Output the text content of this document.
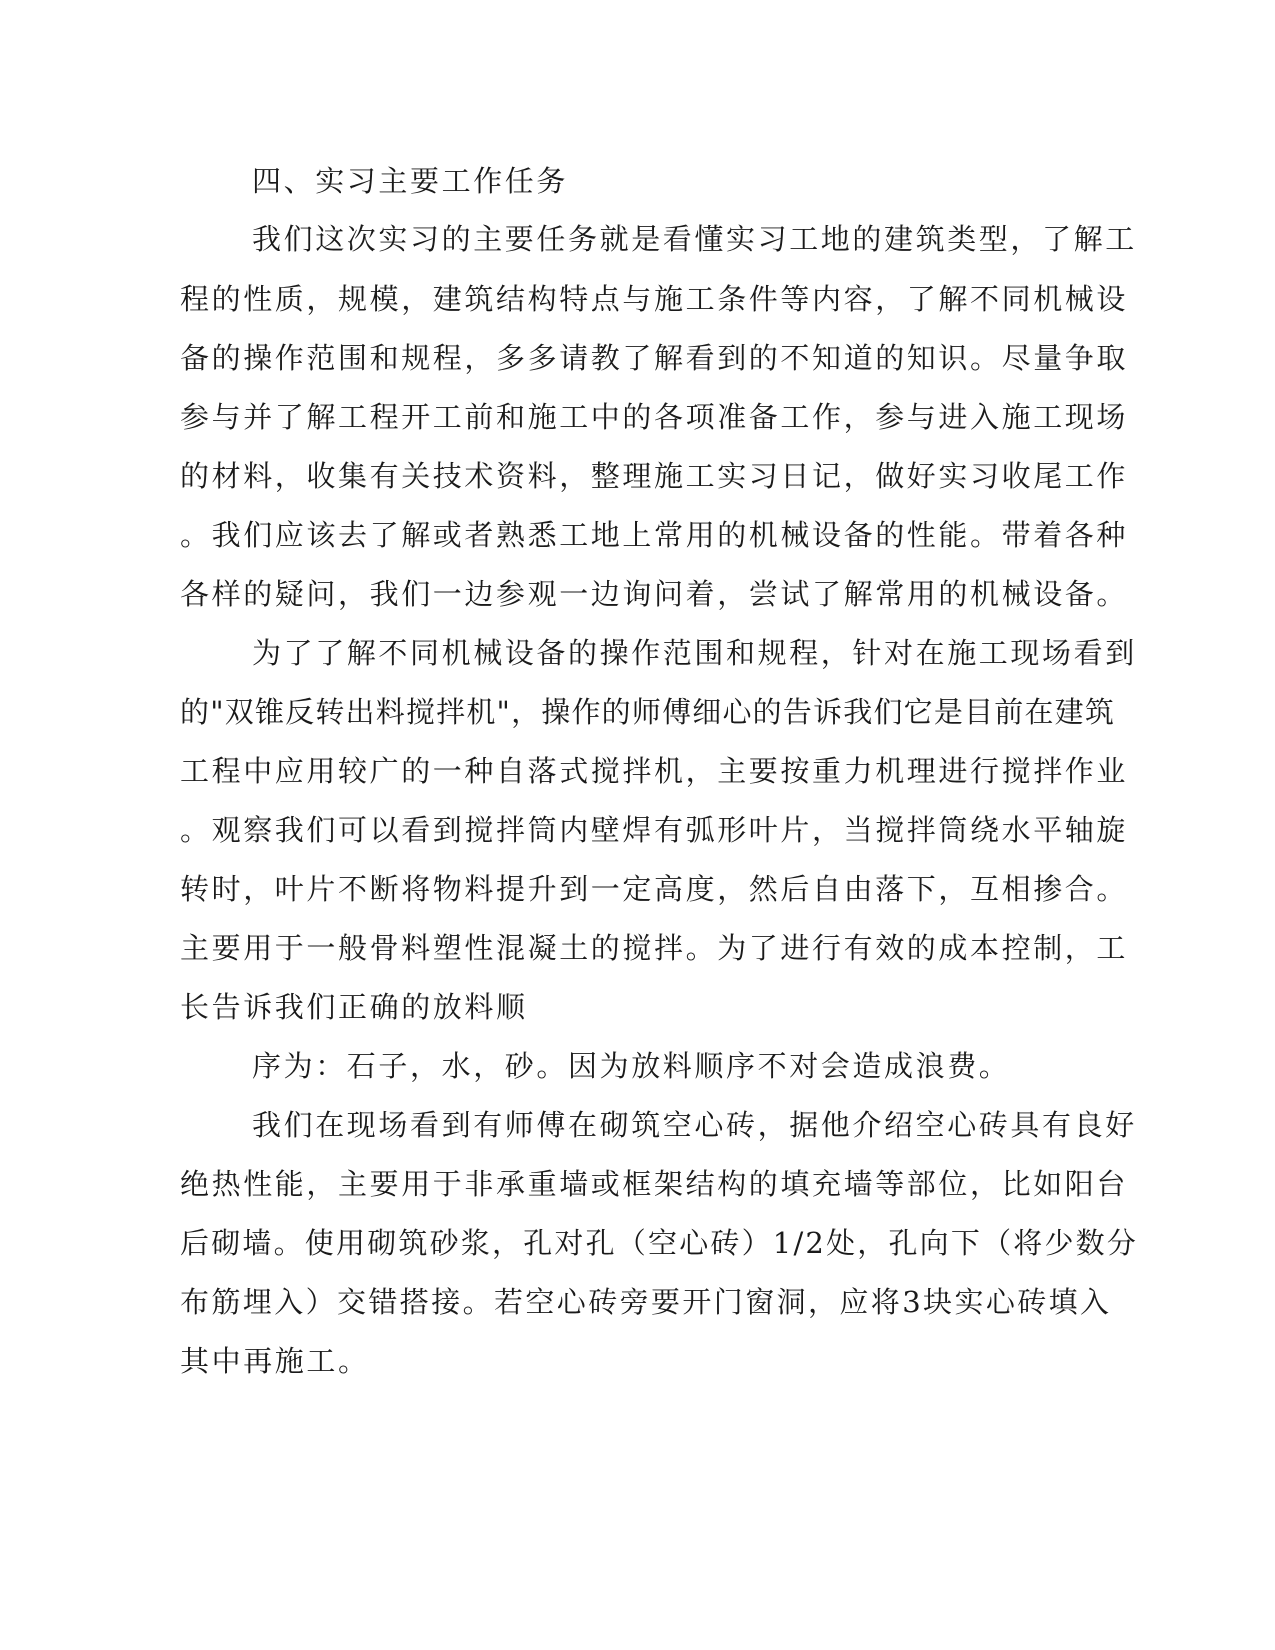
四、实习主要工作任务

我们这次实习的主要任务就是看懂实习工地的建筑类型，了解工

程的性质，规模，建筑结构特点与施工条件等内容，了解不同机械设

备的操作范围和规程，多多请教了解看到的不知道的知识。尽量争取

参与并了解工程开工前和施工中的各项准备工作，参与进入施工现场

的材料，收集有关技术资料，整理施工实习日记，做好实习收尾工作

。我们应该去了解或者熟悉工地上常用的机械设备的性能。带着各种

各样的疑问，我们一边参观一边询问着，尝试了解常用的机械设备。

为了了解不同机械设备的操作范围和规程，针对在施工现场看到

的"双锥反转出料搅拌机"，操作的师傅细心的告诉我们它是目前在建筑

工程中应用较广的一种自落式搅拌机，主要按重力机理进行搅拌作业

。观察我们可以看到搅拌筒内壁焊有弧形叶片，当搅拌筒绕水平轴旋

转时，叶片不断将物料提升到一定高度，然后自由落下，互相掺合。

主要用于一般骨料塑性混凝土的搅拌。为了进行有效的成本控制，工

长告诉我们正确的放料顺

序为：石子，水，砂。因为放料顺序不对会造成浪费。

我们在现场看到有师傅在砌筑空心砖，据他介绍空心砖具有良好

绝热性能，主要用于非承重墙或框架结构的填充墙等部位，比如阳台

后砌墙。使用砌筑砂浆，孔对孔（空心砖）1/2处，孔向下（将少数分

布筋埋入）交错搭接。若空心砖旁要开门窗洞，应将3块实心砖填入

其中再施工。
